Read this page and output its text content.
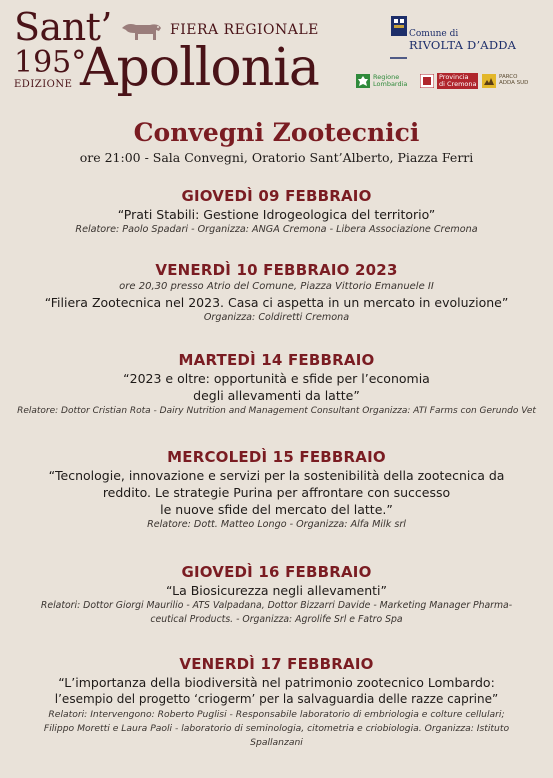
Sant’	FIERA REGIONALE
195°
EDIZIONE Apollonia
Comune di
RIVOLTA D’ADDA
Regione
Lombardia
Provincia
di Cremona
PARCO
ADDA SUD
Convegni Zootecnici
ore 21:00 - Sala Convegni, Oratorio Sant’Alberto, Piazza Ferri
GIOVEDÌ 09 FEBBRAIO
“Prati Stabili: Gestione Idrogeologica del territorio”
Relatore: Paolo Spadari - Organizza: ANGA Cremona - Libera Associazione Cremona
VENERDÌ 10 FEBBRAIO 2023
ore 20,30 presso Atrio del Comune, Piazza Vittorio Emanuele II
“Filiera Zootecnica nel 2023. Casa ci aspetta in un mercato in evoluzione”
Organizza: Coldiretti Cremona
MARTEDÌ 14 FEBBRAIO
“2023 e oltre: opportunità e sfide per l’economia
degli allevamenti da latte”
Relatore: Dottor Cristian Rota - Dairy Nutrition and Management Consultant Organizza: ATI Farms con Gerundo Vet
MERCOLEDÌ 15 FEBBRAIO
“Tecnologie, innovazione e servizi per la sostenibilità della zootecnica da
reddito. Le strategie Purina per affrontare con successo
le nuove sfide del mercato del latte.”
Relatore: Dott. Matteo Longo - Organizza: Alfa Milk srl
GIOVEDÌ 16 FEBBRAIO
“La Biosicurezza negli allevamenti”
Relatori: Dottor Giorgi Maurilio - ATS Valpadana, Dottor Bizzarri Davide - Marketing Manager Pharma-
ceutical Products. - Organizza: Agrolife Srl e Fatro Spa
VENERDÌ 17 FEBBRAIO
“L’importanza della biodiversità nel patrimonio zootecnico Lombardo:
l’esempio del progetto ‘criogerm’ per la salvaguardia delle razze caprine”
Relatori: Intervengono: Roberto Puglisi - Responsabile laboratorio di embriologia e colture cellulari;
Filippo Moretti e Laura Paoli - laboratorio di seminologia, citometria e criobiologia. Organizza: Istituto
Spallanzani
